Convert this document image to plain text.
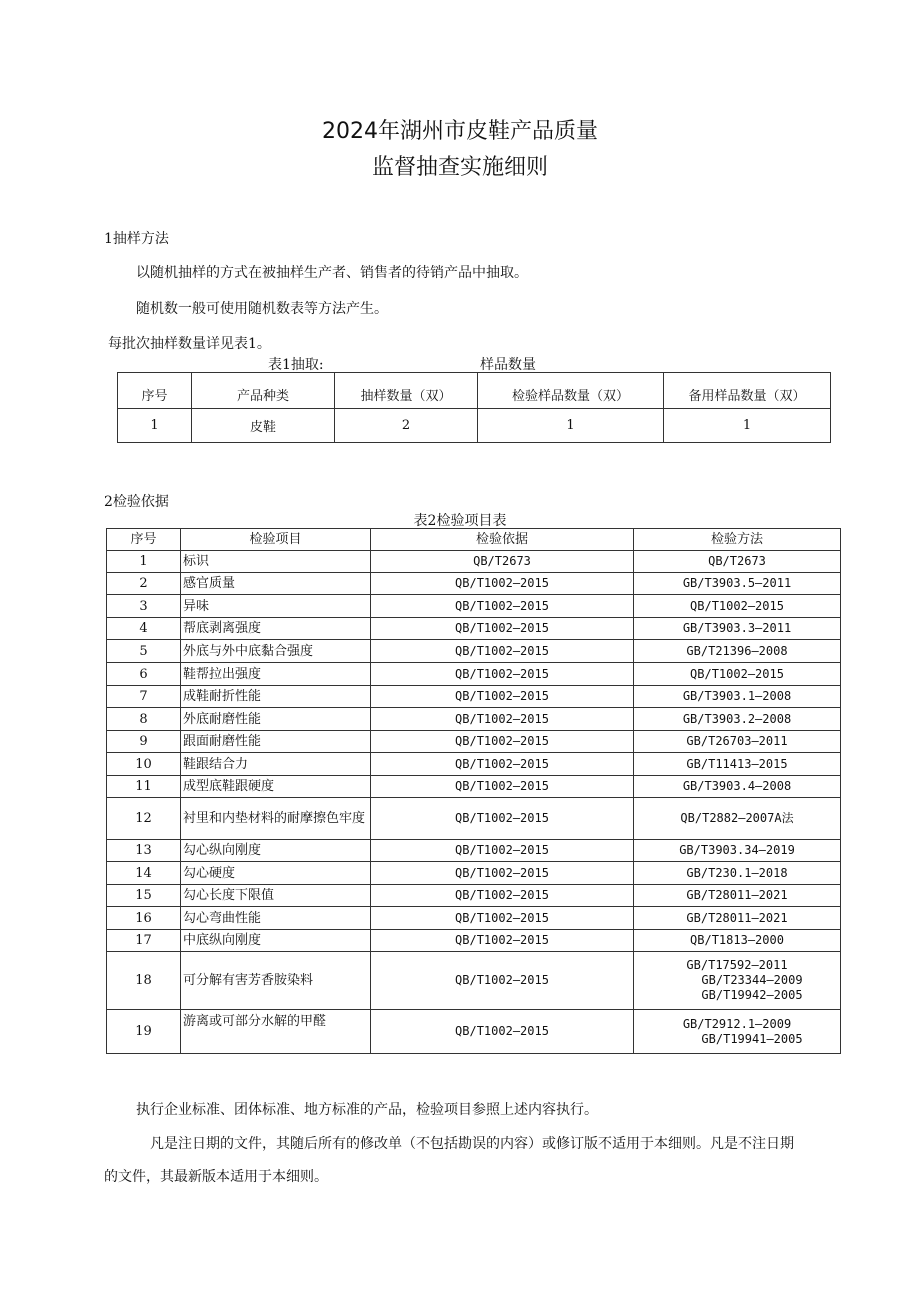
2024年湖州市皮鞋产品质量
监督抽查实施细则
1抽样方法
以随机抽样的方式在被抽样生产者、销售者的待销产品中抽取。
随机数一般可使用随机数表等方法产生。
每批次抽样数量详见表1。
表1抽取:	样品数量
序号	产品种类	抽样数量（双）	检验样品数量（双）	备用样品数量（双）
1	皮鞋	2	1	1
2检验依据
表2检验项目表
序号	检验项目	检验依据	检验方法
1	标识	QB/T2673	QB/T2673

2	感官质量	QB/T1002—2015	GB/T3903.5—2011

3	异味	QB/T1002—2015	QB/T1002—2015

4	帮底剥离强度	QB/T1002—2015	GB/T3903.3—2011

5	外底与外中底黏合强度	QB/T1002—2015	GB/T21396—2008

6	鞋帮拉出强度	QB/T1002—2015	QB/T1002—2015

7	成鞋耐折性能	QB/T1002—2015	GB/T3903.1—2008

8	外底耐磨性能	QB/T1002—2015	GB/T3903.2—2008

9	跟面耐磨性能	QB/T1002—2015	GB/T26703—2011

10	鞋跟结合力	QB/T1002—2015	GB/T11413—2015

11	成型底鞋跟硬度	QB/T1002—2015	GB/T3903.4—2008

12	衬里和内垫材料的耐摩擦色牢度	QB/T1002—2015	QB/T2882—2007A法

13	勾心纵向刚度	QB/T1002—2015	GB/T3903.34—2019

14	勾心硬度	QB/T1002—2015	GB/T230.1—2018

15	勾心长度下限值	QB/T1002—2015	GB/T28011—2021

16	勾心弯曲性能	QB/T1002—2015	GB/T28011—2021

17	中底纵向刚度	QB/T1002—2015	QB/T1813—2000

18	可分解有害芳香胺染料	QB/T1002—2015	GB/T17592—2011
GB/T23344—2009
GB/T19942—2005

19	游离或可部分水解的甲醛	QB/T1002—2015	GB/T2912.1—2009
GB/T19941—2005
执行企业标准、团体标准、地方标准的产品，检验项目参照上述内容执行。
凡是注日期的文件，其随后所有的修改单（不包括勘误的内容）或修订版不适用于本细则。凡是不注日期的文件，其最新版本适用于本细则。
